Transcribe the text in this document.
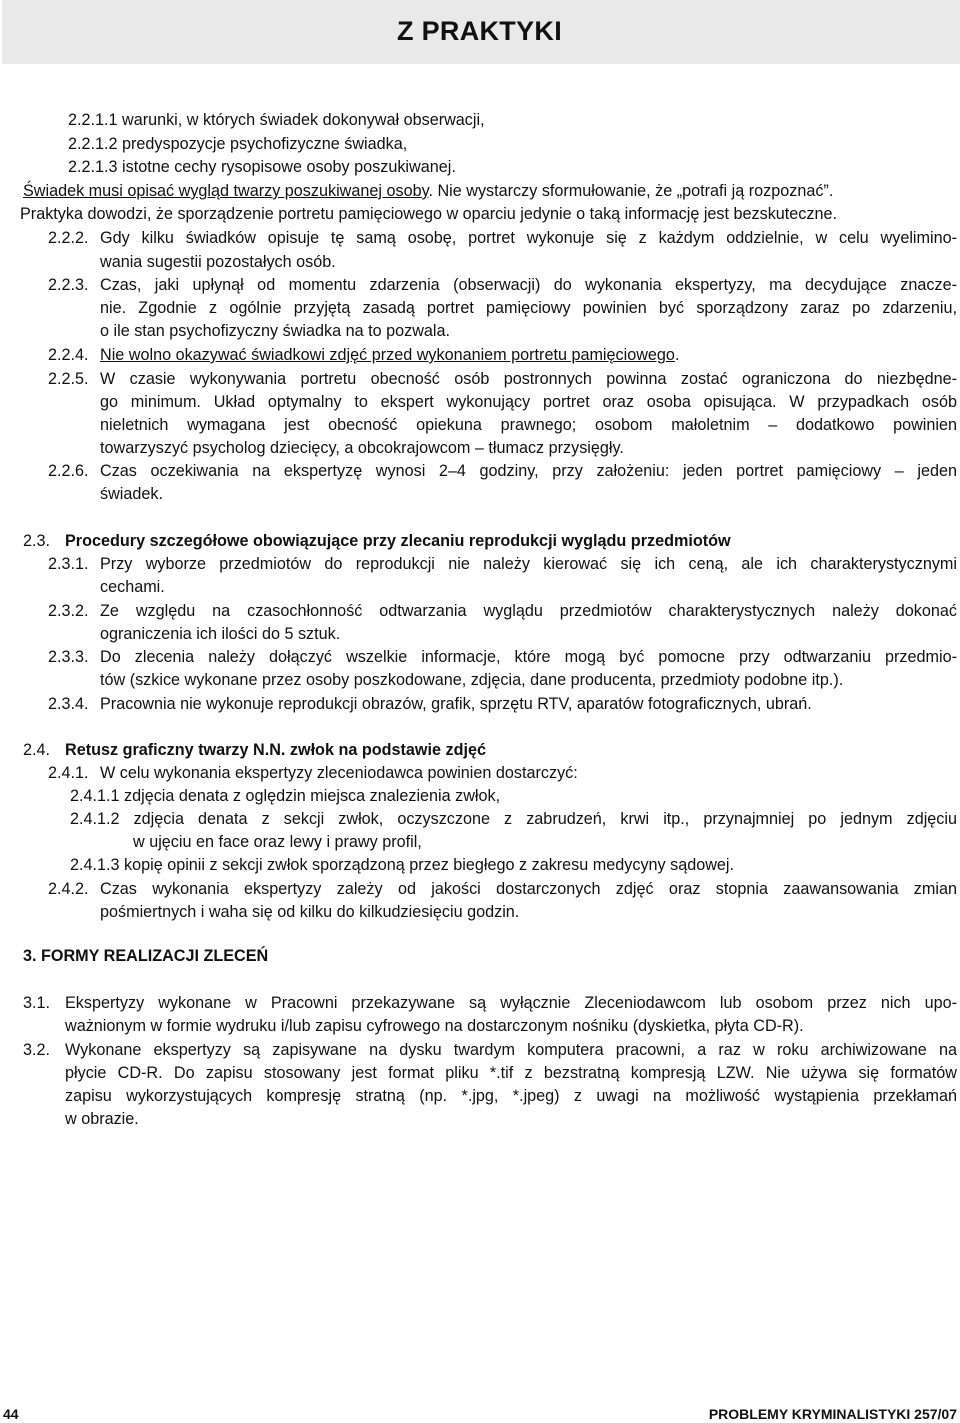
Z PRAKTYKI
2.2.1.1 warunki, w których świadek dokonywał obserwacji,
2.2.1.2 predyspozycje psychofizyczne świadka,
2.2.1.3 istotne cechy rysopisowe osoby poszukiwanej.
Świadek musi opisać wygląd twarzy poszukiwanej osoby. Nie wystarczy sformułowanie, że „potrafi ją rozpoznać”.
Praktyka dowodzi, że sporządzenie portretu pamięciowego w oparciu jedynie o taką informację jest bezskuteczne.
2.2.2. Gdy kilku świadków opisuje tę samą osobę, portret wykonuje się z każdym oddzielnie, w celu wyelimino-
wania sugestii pozostałych osób.
2.2.3. Czas, jaki upłynął od momentu zdarzenia (obserwacji) do wykonania ekspertyzy, ma decydujące znacze-
nie. Zgodnie z ogólnie przyjętą zasadą portret pamięciowy powinien być sporządzony zaraz po zdarzeniu,
o ile stan psychofizyczny świadka na to pozwala.
2.2.4. Nie wolno okazywać świadkowi zdjęć przed wykonaniem portretu pamięciowego.
2.2.5. W czasie wykonywania portretu obecność osób postronnych powinna zostać ograniczona do niezbędne-
go minimum. Układ optymalny to ekspert wykonujący portret oraz osoba opisująca. W przypadkach osób
nieletnich wymagana jest obecność opiekuna prawnego; osobom małoletnim – dodatkowo powinien
towarzyszyć psycholog dziecięcy, a obcokrajowcom – tłumacz przysięgły.
2.2.6. Czas oczekiwania na ekspertyzę wynosi 2–4 godziny, przy założeniu: jeden portret pamięciowy – jeden
świadek.
2.3. Procedury szczegółowe obowiązujące przy zlecaniu reprodukcji wyglądu przedmiotów
2.3.1. Przy wyborze przedmiotów do reprodukcji nie należy kierować się ich ceną, ale ich charakterystycznymi
cechami.
2.3.2. Ze względu na czasochłonność odtwarzania wyglądu przedmiotów charakterystycznych należy dokonać
ograniczenia ich ilości do 5 sztuk.
2.3.3. Do zlecenia należy dołączyć wszelkie informacje, które mogą być pomocne przy odtwarzaniu przedmio-
tów (szkice wykonane przez osoby poszkodowane, zdjęcia, dane producenta, przedmioty podobne itp.).
2.3.4. Pracownia nie wykonuje reprodukcji obrazów, grafik, sprzętu RTV, aparatów fotograficznych, ubrań.
2.4. Retusz graficzny twarzy N.N. zwłok na podstawie zdjęć
2.4.1. W celu wykonania ekspertyzy zleceniodawca powinien dostarczyć:
2.4.1.1 zdjęcia denata z oględzin miejsca znalezienia zwłok,
2.4.1.2 zdjęcia denata z sekcji zwłok, oczyszczone z zabrudzeń, krwi itp., przynajmniej po jednym zdjęciu
w ujęciu en face oraz lewy i prawy profil,
2.4.1.3 kopię opinii z sekcji zwłok sporządzoną przez biegłego z zakresu medycyny sądowej.
2.4.2. Czas wykonania ekspertyzy zależy od jakości dostarczonych zdjęć oraz stopnia zaawansowania zmian
pośmiertnych i waha się od kilku do kilkudziesięciu godzin.
3. FORMY REALIZACJI ZLECEŃ
3.1. Ekspertyzy wykonane w Pracowni przekazywane są wyłącznie Zleceniodawcom lub osobom przez nich upo-
ważnionym w formie wydruku i/lub zapisu cyfrowego na dostarczonym nośniku (dyskietka, płyta CD-R).
3.2. Wykonane ekspertyzy są zapisywane na dysku twardym komputera pracowni, a raz w roku archiwizowane na
płycie CD-R. Do zapisu stosowany jest format pliku *.tif z bezstratną kompresją LZW. Nie używa się formatów
zapisu wykorzystujących kompresję stratną (np. *.jpg, *.jpeg) z uwagi na możliwość wystąpienia przekłamań
w obrazie.
44	PROBLEMY KRYMINALISTYKI 257/07
